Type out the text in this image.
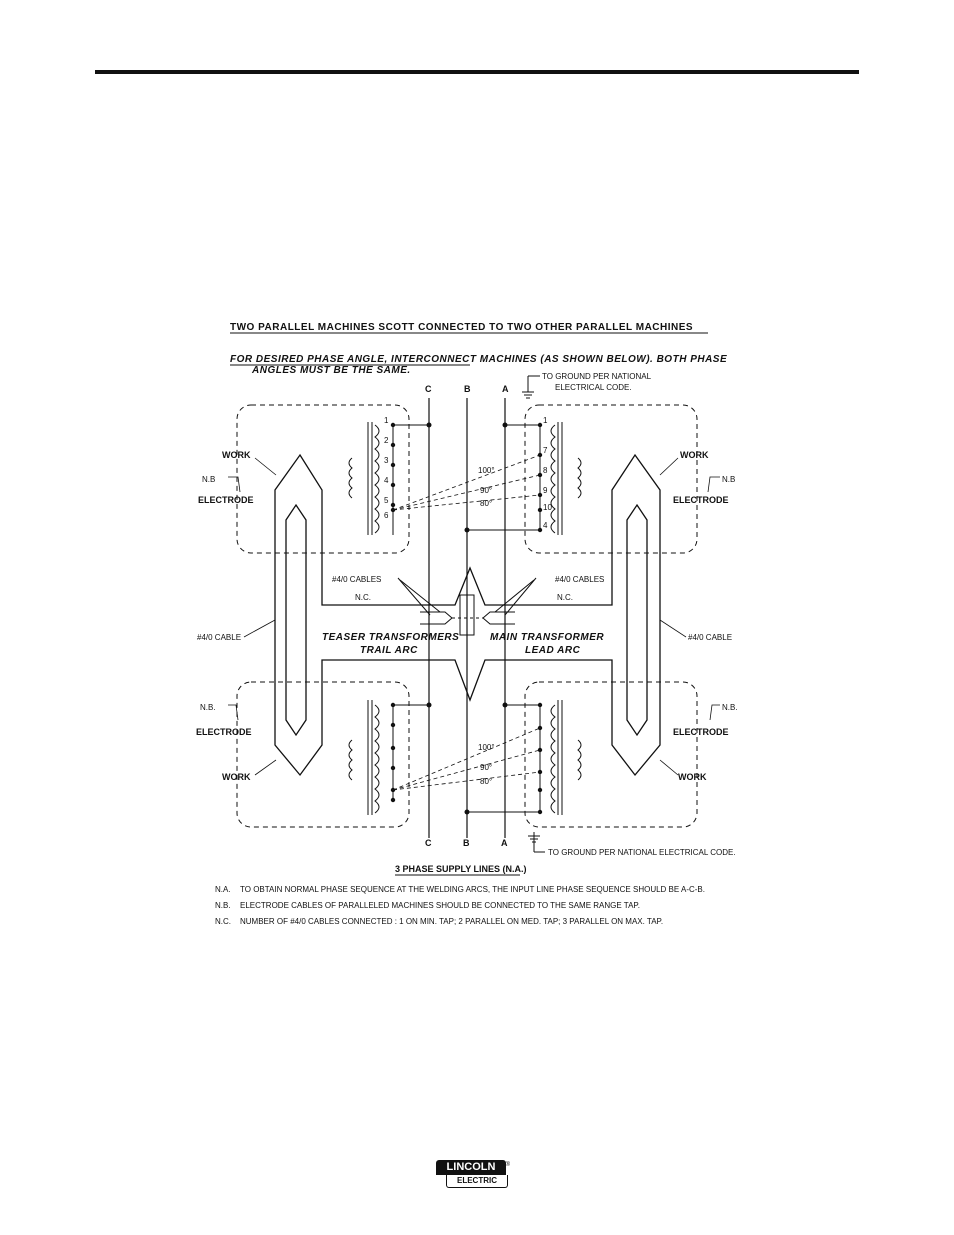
TWO PARALLEL MACHINES SCOTT CONNECTED TO TWO OTHER PARALLEL MACHINES
FOR DESIRED PHASE ANGLE, INTERCONNECT MACHINES (AS SHOWN BELOW). BOTH PHASE
ANGLES MUST BE THE SAME.
C	B	A
TO GROUND PER NATIONAL
ELECTRICAL CODE.
100°
90°
80°
1
2
3
4
5
6
1
7
8
9
10
4
100°
90°
80°
#4/0 CABLES
N.C.
#4/0 CABLES
N.C.
TEASER TRANSFORMERS
TRAIL ARC
MAIN TRANSFORMER
LEAD ARC
WORK
N.B
ELECTRODE
WORK
N.B
ELECTRODE
#4/0 CABLE	#4/0 CABLE
N.B.
ELECTRODE
WORK
N.B.
ELECTRODE
WORK
C	B	A
TO GROUND PER NATIONAL ELECTRICAL CODE.
3 PHASE SUPPLY LINES (N.A.)
N.A. TO OBTAIN NORMAL PHASE SEQUENCE AT THE WELDING ARCS, THE INPUT LINE PHASE SEQUENCE SHOULD BE A-C-B.
N.B. ELECTRODE CABLES OF PARALLELED MACHINES SHOULD BE CONNECTED TO THE SAME RANGE TAP.
N.C. NUMBER OF #4/0 CABLES CONNECTED : 1 ON MIN. TAP; 2 PARALLEL ON MED. TAP; 3 PARALLEL ON MAX. TAP.
LINCOLN
ELECTRIC
®
